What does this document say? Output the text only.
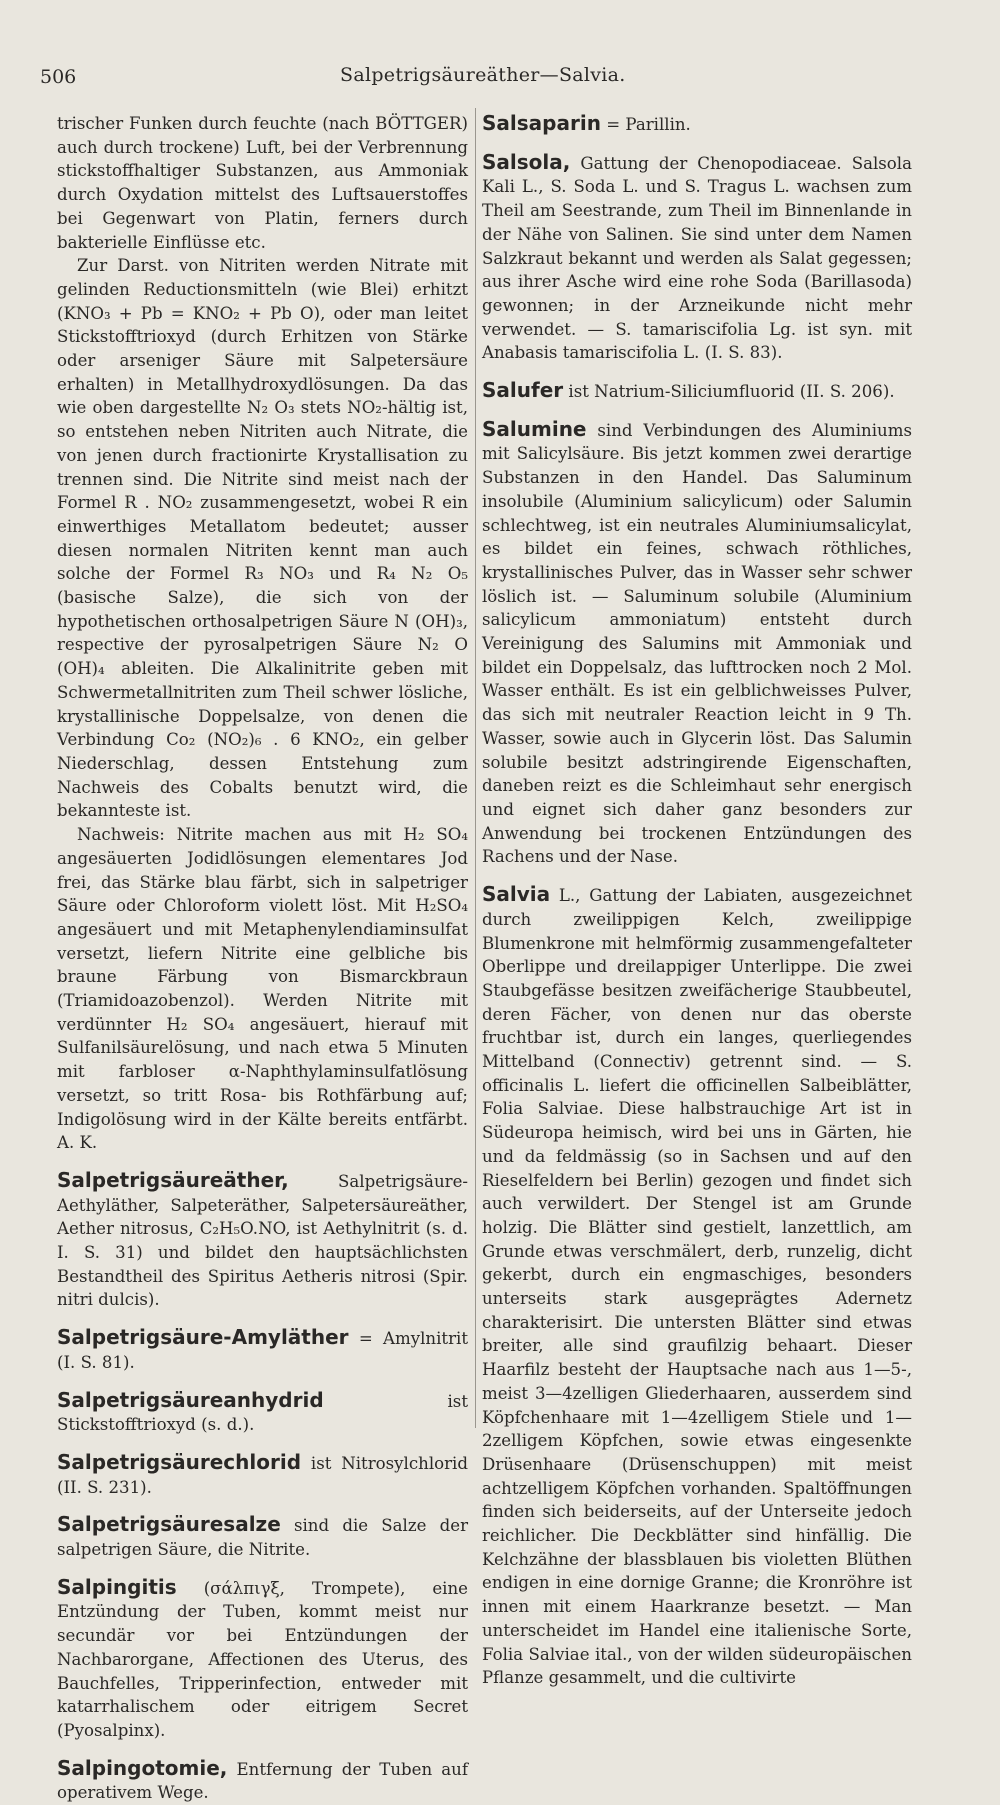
506	Salpetrigsäureäther—Salvia.

trischer Funken durch feuchte (nach BÖTTGER) auch durch trockene) Luft, bei der Verbrennung stickstoffhaltiger Substanzen, aus Ammoniak durch Oxydation mittelst des Luftsauerstoffes bei Gegenwart von Platin, ferners durch bakterielle Einflüsse etc.

Zur Darst. von Nitriten werden Nitrate mit gelinden Reductionsmitteln (wie Blei) erhitzt (KNO₃ + Pb = KNO₂ + Pb O), oder man leitet Stickstofftrioxyd (durch Erhitzen von Stärke oder arseniger Säure mit Salpetersäure erhalten) in Metallhydroxydlösungen. Da das wie oben dargestellte N₂ O₃ stets NO₂-hältig ist, so entstehen neben Nitriten auch Nitrate, die von jenen durch fractionirte Krystallisation zu trennen sind. Die Nitrite sind meist nach der Formel R . NO₂ zusammengesetzt, wobei R ein einwerthiges Metallatom bedeutet; ausser diesen normalen Nitriten kennt man auch solche der Formel R₃ NO₃ und R₄ N₂ O₅ (basische Salze), die sich von der hypothetischen orthosalpetrigen Säure N (OH)₃, respective der pyrosalpetrigen Säure N₂ O (OH)₄ ableiten. Die Alkalinitrite geben mit Schwermetallnitriten zum Theil schwer lösliche, krystallinische Doppelsalze, von denen die Verbindung Co₂ (NO₂)₆ . 6 KNO₂, ein gelber Niederschlag, dessen Entstehung zum Nachweis des Cobalts benutzt wird, die bekannteste ist.

Nachweis: Nitrite machen aus mit H₂ SO₄ angesäuerten Jodidlösungen elementares Jod frei, das Stärke blau färbt, sich in salpetriger Säure oder Chloroform violett löst. Mit H₂SO₄ angesäuert und mit Metaphenylendiaminsulfat versetzt, liefern Nitrite eine gelbliche bis braune Färbung von Bismarckbraun (Triamidoazobenzol). Werden Nitrite mit verdünnter H₂ SO₄ angesäuert, hierauf mit Sulfanilsäurelösung, und nach etwa 5 Minuten mit farbloser α-Naphthylaminsulfatlösung versetzt, so tritt Rosa- bis Rothfärbung auf; Indigolösung wird in der Kälte bereits entfärbt. A. K.

Salpetrigsäureäther,	Salpetrigsäure-Aethyläther, Salpeteräther, Salpetersäureäther, Aether nitrosus, C₂H₅O.NO, ist Aethylnitrit (s. d. I. S. 31) und bildet den hauptsächlichsten Bestandtheil des Spiritus Aetheris nitrosi (Spir. nitri dulcis).

Salpetrigsäure-Amyläther = Amylnitrit (I. S. 81).

Salpetrigsäureanhydrid	ist Stickstofftrioxyd (s. d.).

Salpetrigsäurechlorid ist Nitrosylchlorid (II. S. 231).

Salpetrigsäuresalze sind die Salze der salpetrigen Säure, die Nitrite.

Salpingitis (σάλπιγξ, Trompete), eine Entzündung der Tuben, kommt meist nur secundär vor bei Entzündungen der Nachbarorgane, Affectionen des Uterus, des Bauchfelles, Tripperinfection, entweder mit katarrhalischem oder eitrigem Secret (Pyosalpinx).

Salpingotomie, Entfernung der Tuben auf operativem Wege.

Salsaparin = Parillin.

Salsola, Gattung der Chenopodiaceae. Salsola Kali L., S. Soda L. und S. Tragus L. wachsen zum Theil am Seestrande, zum Theil im Binnenlande in der Nähe von Salinen. Sie sind unter dem Namen Salzkraut bekannt und werden als Salat gegessen; aus ihrer Asche wird eine rohe Soda (Barillasoda) gewonnen; in der Arzneikunde nicht mehr verwendet. — S. tamariscifolia Lg. ist syn. mit Anabasis tamariscifolia L. (I. S. 83).

Salufer ist Natrium-Siliciumfluorid (II. S. 206).

Salumine sind Verbindungen des Aluminiums mit Salicylsäure. Bis jetzt kommen zwei derartige Substanzen in den Handel. Das Saluminum insolubile (Aluminium salicylicum) oder Salumin schlechtweg, ist ein neutrales Aluminiumsalicylat, es bildet ein feines, schwach röthliches, krystallinisches Pulver, das in Wasser sehr schwer löslich ist. — Saluminum solubile (Aluminium salicylicum ammoniatum) entsteht durch Vereinigung des Salumins mit Ammoniak und bildet ein Doppelsalz, das lufttrocken noch 2 Mol. Wasser enthält. Es ist ein gelblichweisses Pulver, das sich mit neutraler Reaction leicht in 9 Th. Wasser, sowie auch in Glycerin löst. Das Salumin solubile besitzt adstringirende Eigenschaften, daneben reizt es die Schleimhaut sehr energisch und eignet sich daher ganz besonders zur Anwendung bei trockenen Entzündungen des Rachens und der Nase.

Salvia L., Gattung der Labiaten, ausgezeichnet durch zweilippigen Kelch, zweilippige Blumenkrone mit helmförmig zusammengefalteter Oberlippe und dreilappiger Unterlippe. Die zwei Staubgefässe besitzen zweifächerige Staubbeutel, deren Fächer, von denen nur das oberste fruchtbar ist, durch ein langes, querliegendes Mittelband (Connectiv) getrennt sind. — S. officinalis L. liefert die officinellen Salbeiblätter, Folia Salviae. Diese halbstrauchige Art ist in Südeuropa heimisch, wird bei uns in Gärten, hie und da feldmässig (so in Sachsen und auf den Rieselfeldern bei Berlin) gezogen und findet sich auch verwildert. Der Stengel ist am Grunde holzig. Die Blätter sind gestielt, lanzettlich, am Grunde etwas verschmälert, derb, runzelig, dicht gekerbt, durch ein engmaschiges, besonders unterseits stark ausgeprägtes Adernetz charakterisirt. Die untersten Blätter sind etwas breiter, alle sind graufilzig behaart. Dieser Haarfilz besteht der Hauptsache nach aus 1—5-, meist 3—4zelligen Gliederhaaren, ausserdem sind Köpfchenhaare mit 1—4zelligem Stiele und 1—2zelligem Köpfchen, sowie etwas eingesenkte Drüsenhaare (Drüsenschuppen) mit meist achtzelligem Köpfchen vorhanden. Spaltöffnungen finden sich beiderseits, auf der Unterseite jedoch reichlicher. Die Deckblätter sind hinfällig. Die Kelchzähne der blassblauen bis violetten Blüthen endigen in eine dornige Granne; die Kronröhre ist innen mit einem Haarkranze besetzt. — Man unterscheidet im Handel eine italienische Sorte, Folia Salviae ital., von der wilden südeuropäischen Pflanze gesammelt, und die cultivirte
